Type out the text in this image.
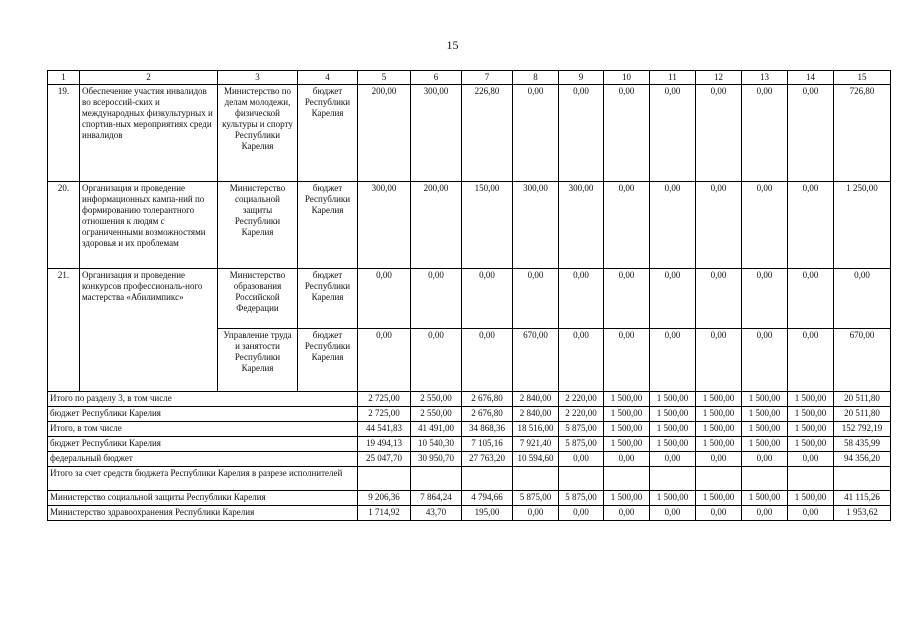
15
1	2	3	4	5	6	7	8	9	10	11	12	13	14	15
19.	Обеспечение участия инвалидов во всероссий-ских и международных физкультурных и спортив-ных мероприятиях среди инвалидов	Министерство по делам молодежи, физической культуры и спорту Республики Карелия	бюджет Республики Карелия	200,00	300,00	226,80	0,00	0,00	0,00	0,00	0,00	0,00	0,00	726,80
20.	Организация и проведение информационных кампа-ний по формированию толерантного отношения к людям с ограниченными возможностями здоровья и их проблемам	Министерство социальной защиты Республики Карелия	бюджет Республики Карелия	300,00	200,00	150,00	300,00	300,00	0,00	0,00	0,00	0,00	0,00	1 250,00
21.	Организация и проведение конкурсов профессиональ-ного мастерства «Абилимпикс»	Министерство образования Российской Федерации	бюджет Республики Карелия	0,00	0,00	0,00	0,00	0,00	0,00	0,00	0,00	0,00	0,00	0,00
		Управление труда и занятости Республики Карелия	бюджет Республики Карелия	0,00	0,00	0,00	670,00	0,00	0,00	0,00	0,00	0,00	0,00	670,00
Итого по разделу 3, в том числе				2 725,00	2 550,00	2 676,80	2 840,00	2 220,00	1 500,00	1 500,00	1 500,00	1 500,00	1 500,00	20 511,80
бюджет Республики Карелия				2 725,00	2 550,00	2 676,80	2 840,00	2 220,00	1 500,00	1 500,00	1 500,00	1 500,00	1 500,00	20 511,80
Итого, в том числе				44 541,83	41 491,00	34 868,36	18 516,00	5 875,00	1 500,00	1 500,00	1 500,00	1 500,00	1 500,00	152 792,19
бюджет Республики Карелия				19 494,13	10 540,30	7 105,16	7 921,40	5 875,00	1 500,00	1 500,00	1 500,00	1 500,00	1 500,00	58 435,99
федеральный бюджет				25 047,70	30 950,70	27 763,20	10 594,60	0,00	0,00	0,00	0,00	0,00	0,00	94 356,20
Итого за счет средств бюджета Республики Карелия в разрезе исполнителей														
Министерство социальной защиты Республики Карелия				9 206,36	7 864,24	4 794,66	5 875,00	5 875,00	1 500,00	1 500,00	1 500,00	1 500,00	1 500,00	41 115,26
Министерство здравоохранения Республики Карелия				1 714,92	43,70	195,00	0,00	0,00	0,00	0,00	0,00	0,00	0,00	1 953,62
